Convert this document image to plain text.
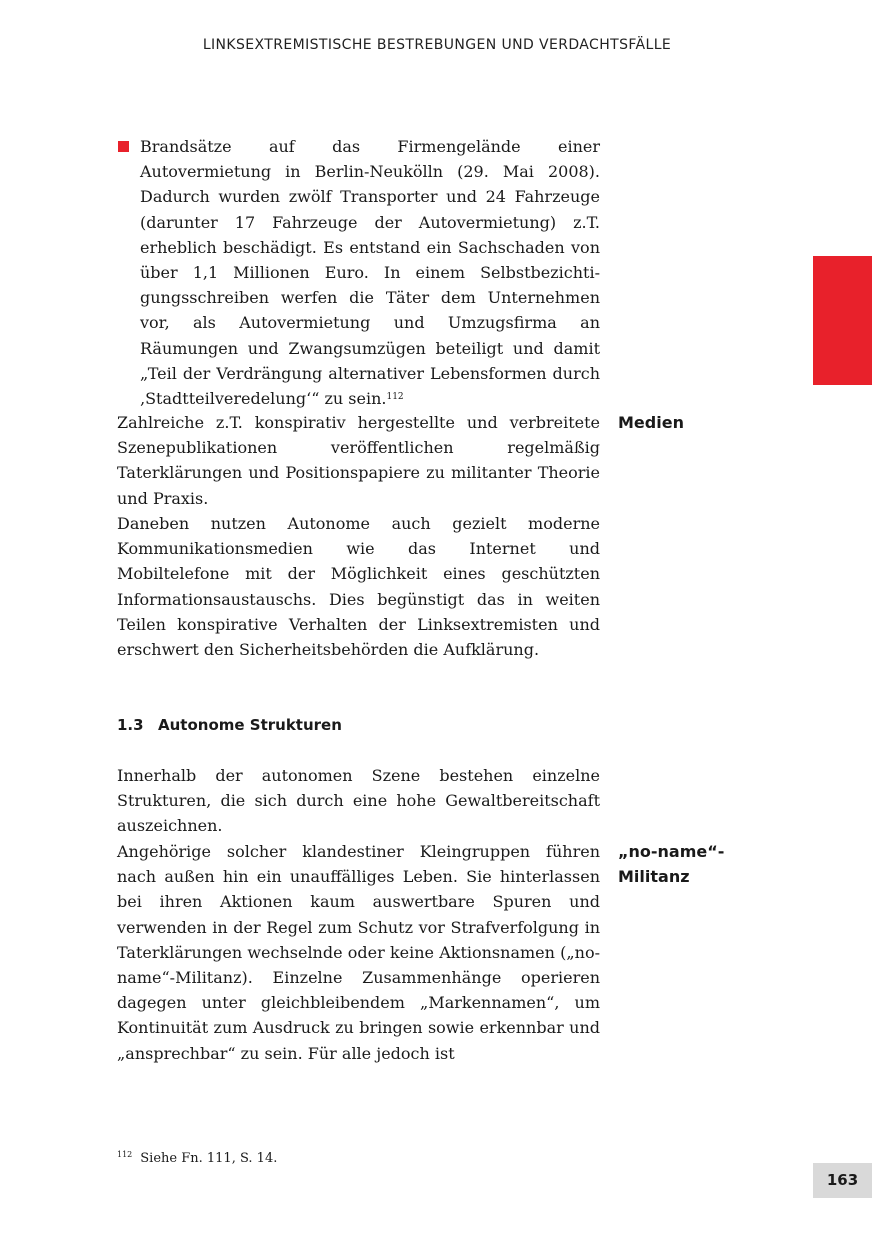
LINKSEXTREMISTISCHE BESTREBUNGEN UND VERDACHTSFÄLLE

Brandsätze auf das Firmengelände einer Autovermietung in Berlin-Neukölln (29. Mai 2008). Dadurch wurden zwölf Transporter und 24 Fahrzeuge (darunter 17 Fahrzeuge der Autovermietung) z.T. erheblich beschädigt. Es entstand ein Sachschaden von über 1,1 Millionen Euro. In einem Selbstbezichtigungsschreiben werfen die Täter dem Unternehmen vor, als Autovermietung und Umzugsfirma an Räumungen und Zwangsumzügen beteiligt und damit „Teil der Verdrängung alternativer Lebensformen durch ‚Stadtteilveredelung‘“ zu sein.$^{112}$

Zahlreiche z.T. konspirativ hergestellte und verbreitete Szenepublikationen veröffentlichen regelmäßig Taterklärungen und Positionspapiere zu militanter Theorie und Praxis.

Medien

Daneben nutzen Autonome auch gezielt moderne Kommunikationsmedien wie das Internet und Mobiltelefone mit der Möglichkeit eines geschützten Informationsaustauschs. Dies begünstigt das in weiten Teilen konspirative Verhalten der Linksextremisten und erschwert den Sicherheitsbehörden die Aufklärung.

1.3 Autonome Strukturen

Innerhalb der autonomen Szene bestehen einzelne Strukturen, die sich durch eine hohe Gewaltbereitschaft auszeichnen.

Angehörige solcher klandestiner Kleingruppen führen nach außen hin ein unauffälliges Leben. Sie hinterlassen bei ihren Aktionen kaum auswertbare Spuren und verwenden in der Regel zum Schutz vor Strafverfolgung in Taterklärungen wechselnde oder keine Aktionsnamen („no-name“-Militanz). Einzelne Zusammenhänge operieren dagegen unter gleichbleibendem „Markennamen“, um Kontinuität zum Ausdruck zu bringen sowie erkennbar und „ansprechbar“ zu sein. Für alle jedoch ist

„no-name“-
Militanz
$^{112}$ Siehe Fn. 111, S. 14.
163
